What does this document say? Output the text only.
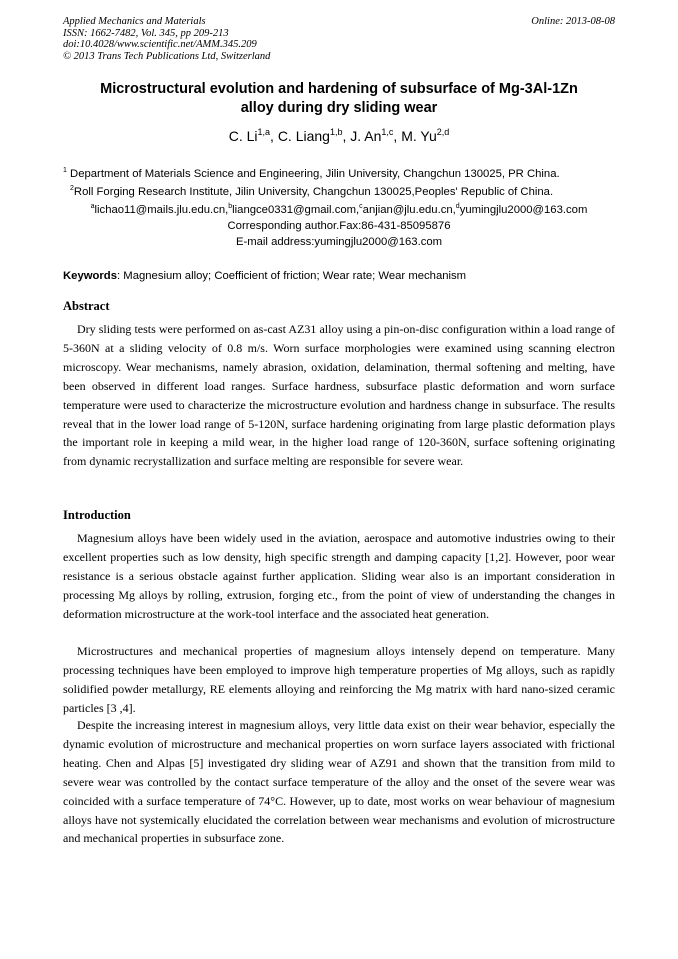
Applied Mechanics and Materials
ISSN: 1662-7482, Vol. 345, pp 209-213
doi:10.4028/www.scientific.net/AMM.345.209
© 2013 Trans Tech Publications Ltd, Switzerland
Online: 2013-08-08
Microstructural evolution and hardening of subsurface of Mg-3Al-1Zn
alloy during dry sliding wear
C. Li$^{1,a}$, C. Liang$^{1,b}$, J. An$^{1,c}$, M. Yu$^{2,d}$
$^1$ Department of Materials Science and Engineering, Jilin University, Changchun 130025, PR China.
$^2$Roll Forging Research Institute, Jilin University, Changchun 130025,Peoples' Republic of China.
$^a$lichao11@mails.jlu.edu.cn,$^b$liangce0331@gmail.com,$^c$anjian@jlu.edu.cn,$^d$yumingjlu2000@163.com
Corresponding author.Fax:86-431-85095876
E-mail address:yumingjlu2000@163.com
Keywords: Magnesium alloy; Coefficient of friction; Wear rate; Wear mechanism
Abstract

Dry sliding tests were performed on as-cast AZ31 alloy using a pin-on-disc configuration within a load range of 5-360N at a sliding velocity of 0.8 m/s. Worn surface morphologies were examined using scanning electron microscopy. Wear mechanisms, namely abrasion, oxidation, delamination, thermal softening and melting, have been observed in different load ranges. Surface hardness, subsurface plastic deformation and worn surface temperature were used to characterize the microstructure evolution and hardness change in subsurface. The results reveal that in the lower load range of 5-120N, surface hardening originating from large plastic deformation plays the important role in keeping a mild wear, in the higher load range of 120-360N, surface softening originating from dynamic recrystallization and surface melting are responsible for severe wear.

Introduction

Magnesium alloys have been widely used in the aviation, aerospace and automotive industries owing to their excellent properties such as low density, high specific strength and damping capacity [1,2]. However, poor wear resistance is a serious obstacle against further application. Sliding wear also is an important consideration in processing Mg alloys by rolling, extrusion, forging etc., from the point of view of understanding the changes in deformation microstructure at the work-tool interface and the associated heat generation.

Microstructures and mechanical properties of magnesium alloys intensely depend on temperature. Many processing techniques have been employed to improve high temperature properties of Mg alloys, such as rapidly solidified powder metallurgy, RE elements alloying and reinforcing the Mg matrix with hard nano-sized ceramic particles [3 ,4].

Despite the increasing interest in magnesium alloys, very little data exist on their wear behavior, especially the dynamic evolution of microstructure and mechanical properties on worn surface layers associated with frictional heating. Chen and Alpas [5] investigated dry sliding wear of AZ91 and shown that the transition from mild to severe wear was controlled by the contact surface temperature of the alloy and the onset of the severe wear was coincided with a surface temperature of 74°C. However, up to date, most works on wear behaviour of magnesium alloys have not systemically elucidated the correlation between wear mechanisms and evolution of microstructure and mechanical properties in subsurface zone.
